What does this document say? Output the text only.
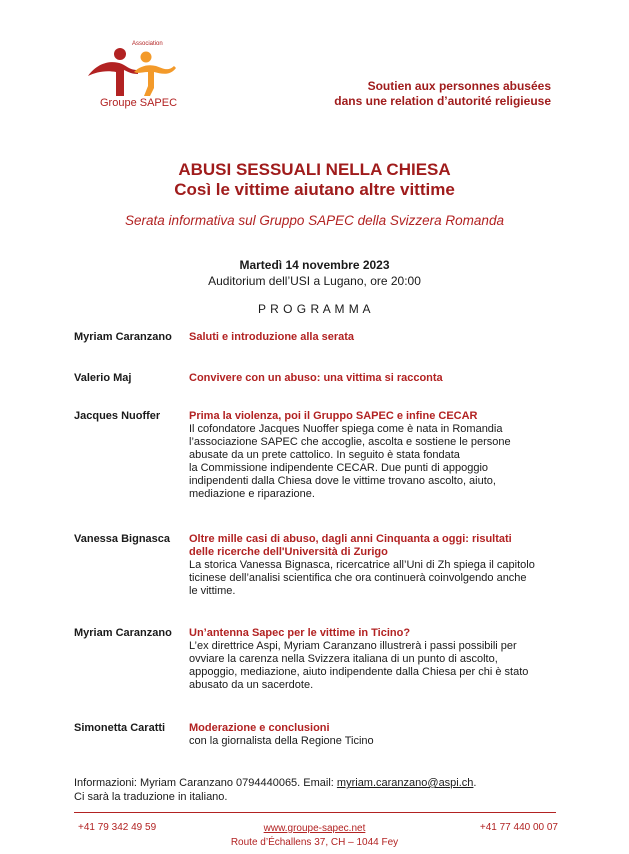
Association
Groupe SAPEC
Soutien aux personnes abusées
dans une relation d’autorité religieuse
ABUSI SESSUALI NELLA CHIESA
Così le vittime aiutano altre vittime
Serata informativa sul Gruppo SAPEC della Svizzera Romanda
Martedì 14 novembre 2023
Auditorium dell’USI a Lugano, ore 20:00
P R O G R A M M A
Myriam Caranzano	Saluti e introduzione alla serata
Valerio Maj	Convivere con un abuso: una vittima si racconta
Jacques Nuoffer	Prima la violenza, poi il Gruppo SAPEC e infine CECAR
Il cofondatore Jacques Nuoffer spiega come è nata in Romandia
l’associazione SAPEC che accoglie, ascolta e sostiene le persone
abusate da un prete cattolico. In seguito è stata fondata
la Commissione indipendente CECAR. Due punti di appoggio
indipendenti dalla Chiesa dove le vittime trovano ascolto, aiuto,
mediazione e riparazione.
Vanessa Bignasca	Oltre mille casi di abuso, dagli anni Cinquanta a oggi: risultati
delle ricerche dell'Università di Zurigo
La storica Vanessa Bignasca, ricercatrice all’Uni di Zh spiega il capitolo
ticinese dell’analisi scientifica che ora continuerà coinvolgendo anche
le vittime.
Myriam Caranzano	Un’antenna Sapec per le vittime in Ticino?
L’ex direttrice Aspi, Myriam Caranzano illustrerà i passi possibili per
ovviare la carenza nella Svizzera italiana di un punto di ascolto,
appoggio, mediazione, aiuto indipendente dalla Chiesa per chi è stato
abusato da un sacerdote.
Simonetta Caratti	Moderazione e conclusioni
con la giornalista della Regione Ticino
Informazioni: Myriam Caranzano 0794440065. Email: myriam.caranzano@aspi.ch.
Ci sarà la traduzione in italiano.
+41 79 342 49 59	www.groupe-sapec.net
Route d’Échallens 37, CH – 1044 Fey
+41 77 440 00 07
